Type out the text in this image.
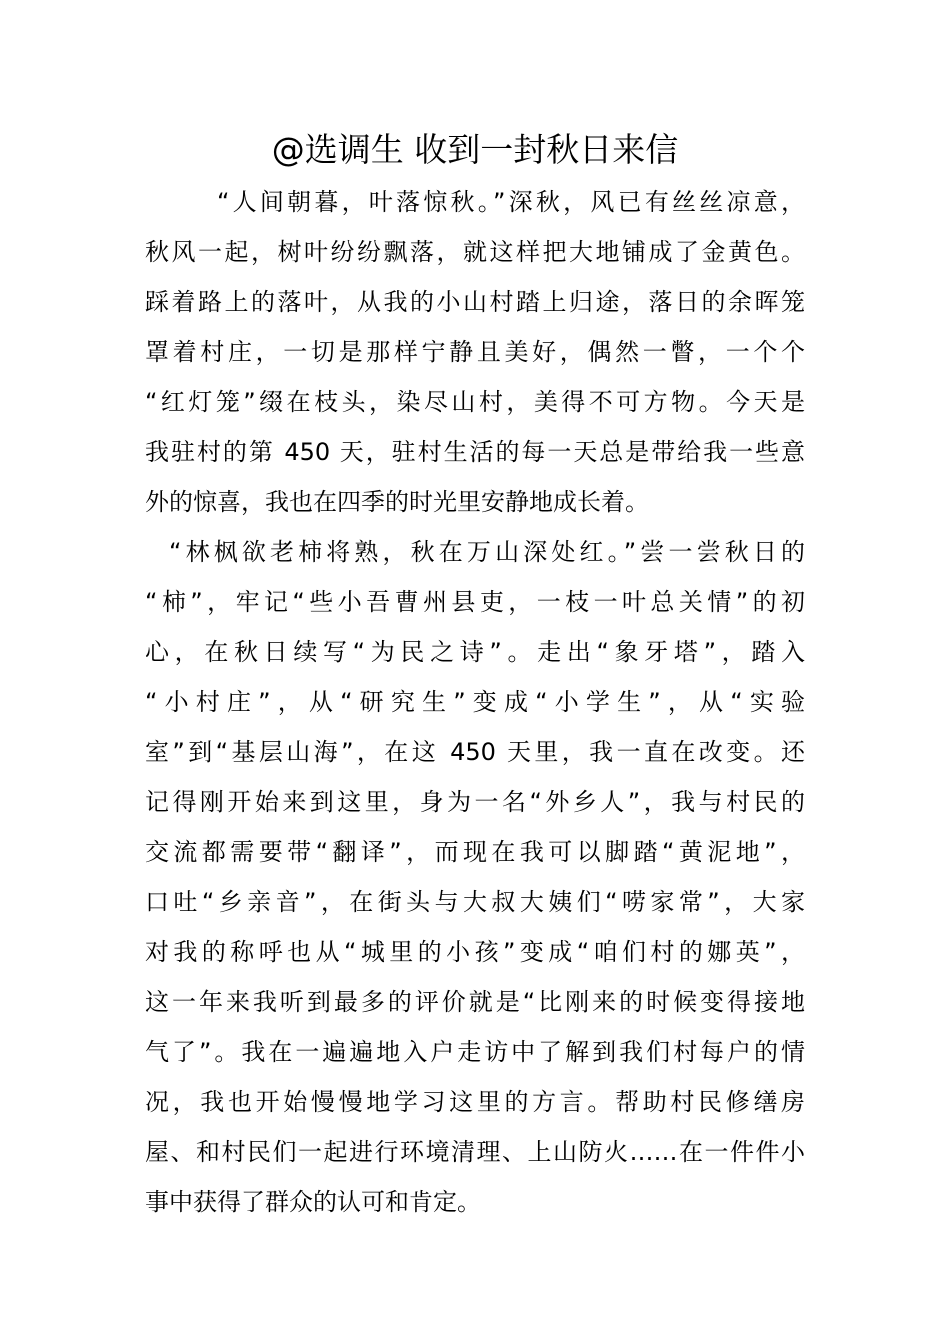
@选调生 收到一封秋日来信
“人间朝暮，叶落惊秋。”深秋，风已有丝丝凉意，
秋风一起，树叶纷纷飘落，就这样把大地铺成了金黄色。
踩着路上的落叶，从我的小山村踏上归途，落日的余晖笼
罩着村庄，一切是那样宁静且美好，偶然一瞥，一个个
“红灯笼”缀在枝头，染尽山村，美得不可方物。今天是
我驻村的第 450 天，驻村生活的每一天总是带给我一些意
外的惊喜，我也在四季的时光里安静地成长着。
“林枫欲老柿将熟，秋在万山深处红。”尝一尝秋日的
“柿”，牢记“些小吾曹州县吏，一枝一叶总关情”的初
心，在秋日续写“为民之诗”。走出“象牙塔”，踏入
“小村庄”，从“研究生”变成“小学生”，从“实验
室”到“基层山海”，在这 450 天里，我一直在改变。还
记得刚开始来到这里，身为一名“外乡人”，我与村民的
交流都需要带“翻译”，而现在我可以脚踏“黄泥地”，
口吐“乡亲音”，在街头与大叔大姨们“唠家常”，大家
对我的称呼也从“城里的小孩”变成“咱们村的娜英”，
这一年来我听到最多的评价就是“比刚来的时候变得接地
气了”。我在一遍遍地入户走访中了解到我们村每户的情
况，我也开始慢慢地学习这里的方言。帮助村民修缮房
屋、和村民们一起进行环境清理、上山防火……在一件件小
事中获得了群众的认可和肯定。
